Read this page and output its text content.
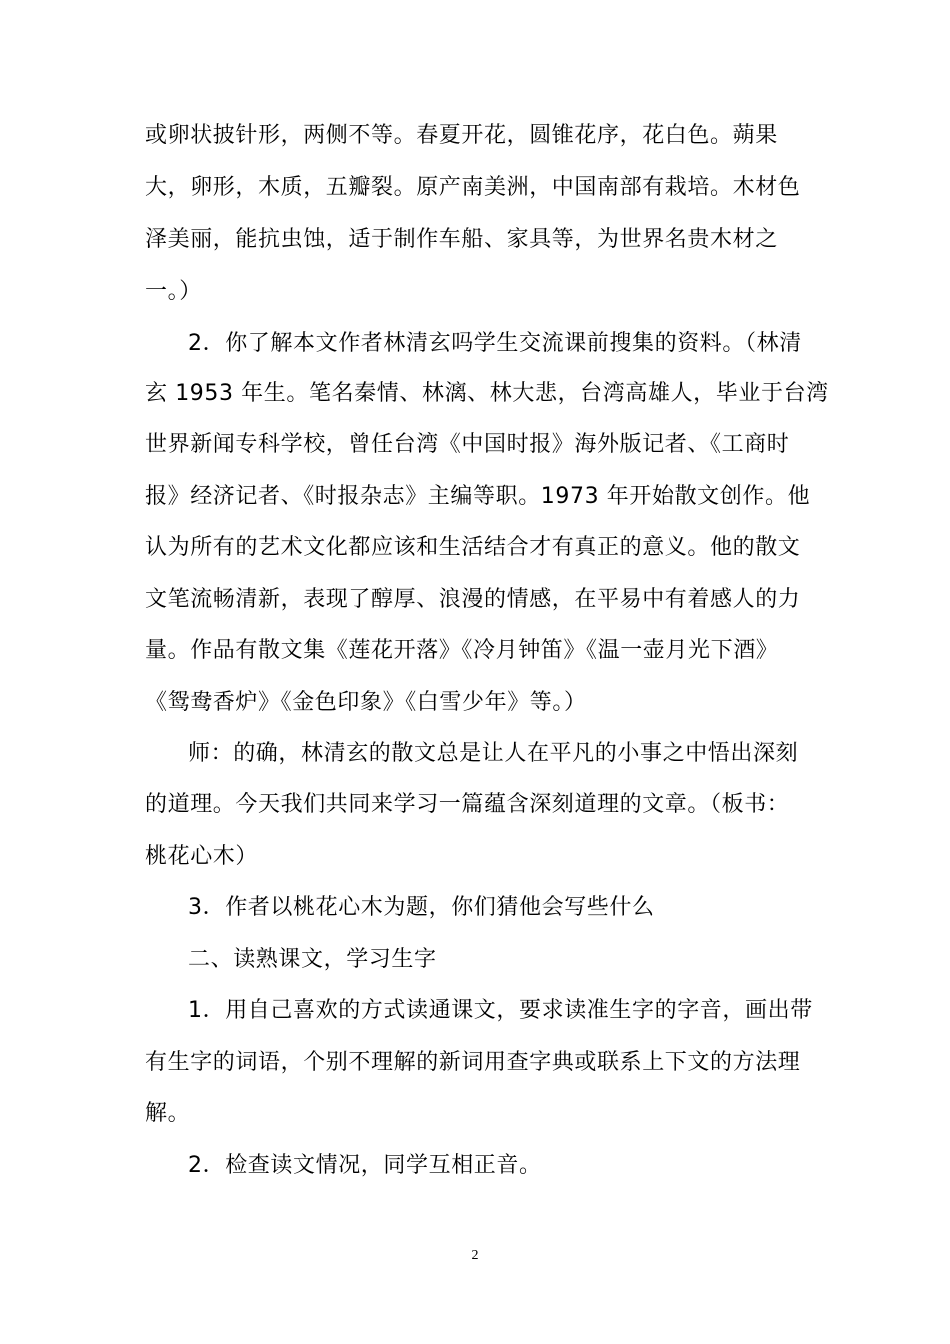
或卵状披针形，两侧不等。春夏开花，圆锥花序，花白色。蒴果
大，卵形，木质，五瓣裂。原产南美洲，中国南部有栽培。木材色
泽美丽，能抗虫蚀，适于制作车船、家具等，为世界名贵木材之
一。）
2．你了解本文作者林清玄吗学生交流课前搜集的资料。（林清
玄 1953 年生。笔名秦情、林漓、林大悲，台湾高雄人，毕业于台湾
世界新闻专科学校，曾任台湾《中国时报》海外版记者、《工商时
报》经济记者、《时报杂志》主编等职。1973 年开始散文创作。他
认为所有的艺术文化都应该和生活结合才有真正的意义。他的散文
文笔流畅清新，表现了醇厚、浪漫的情感，在平易中有着感人的力
量。作品有散文集《莲花开落》《冷月钟笛》《温一壶月光下酒》
《鸳鸯香炉》《金色印象》《白雪少年》等。）
师：的确，林清玄的散文总是让人在平凡的小事之中悟出深刻
的道理。今天我们共同来学习一篇蕴含深刻道理的文章。（板书：
桃花心木）
3．作者以桃花心木为题，你们猜他会写些什么
二、读熟课文，学习生字
1．用自己喜欢的方式读通课文，要求读准生字的字音，画出带
有生字的词语，个别不理解的新词用查字典或联系上下文的方法理
解。
2．检查读文情况，同学互相正音。
2
